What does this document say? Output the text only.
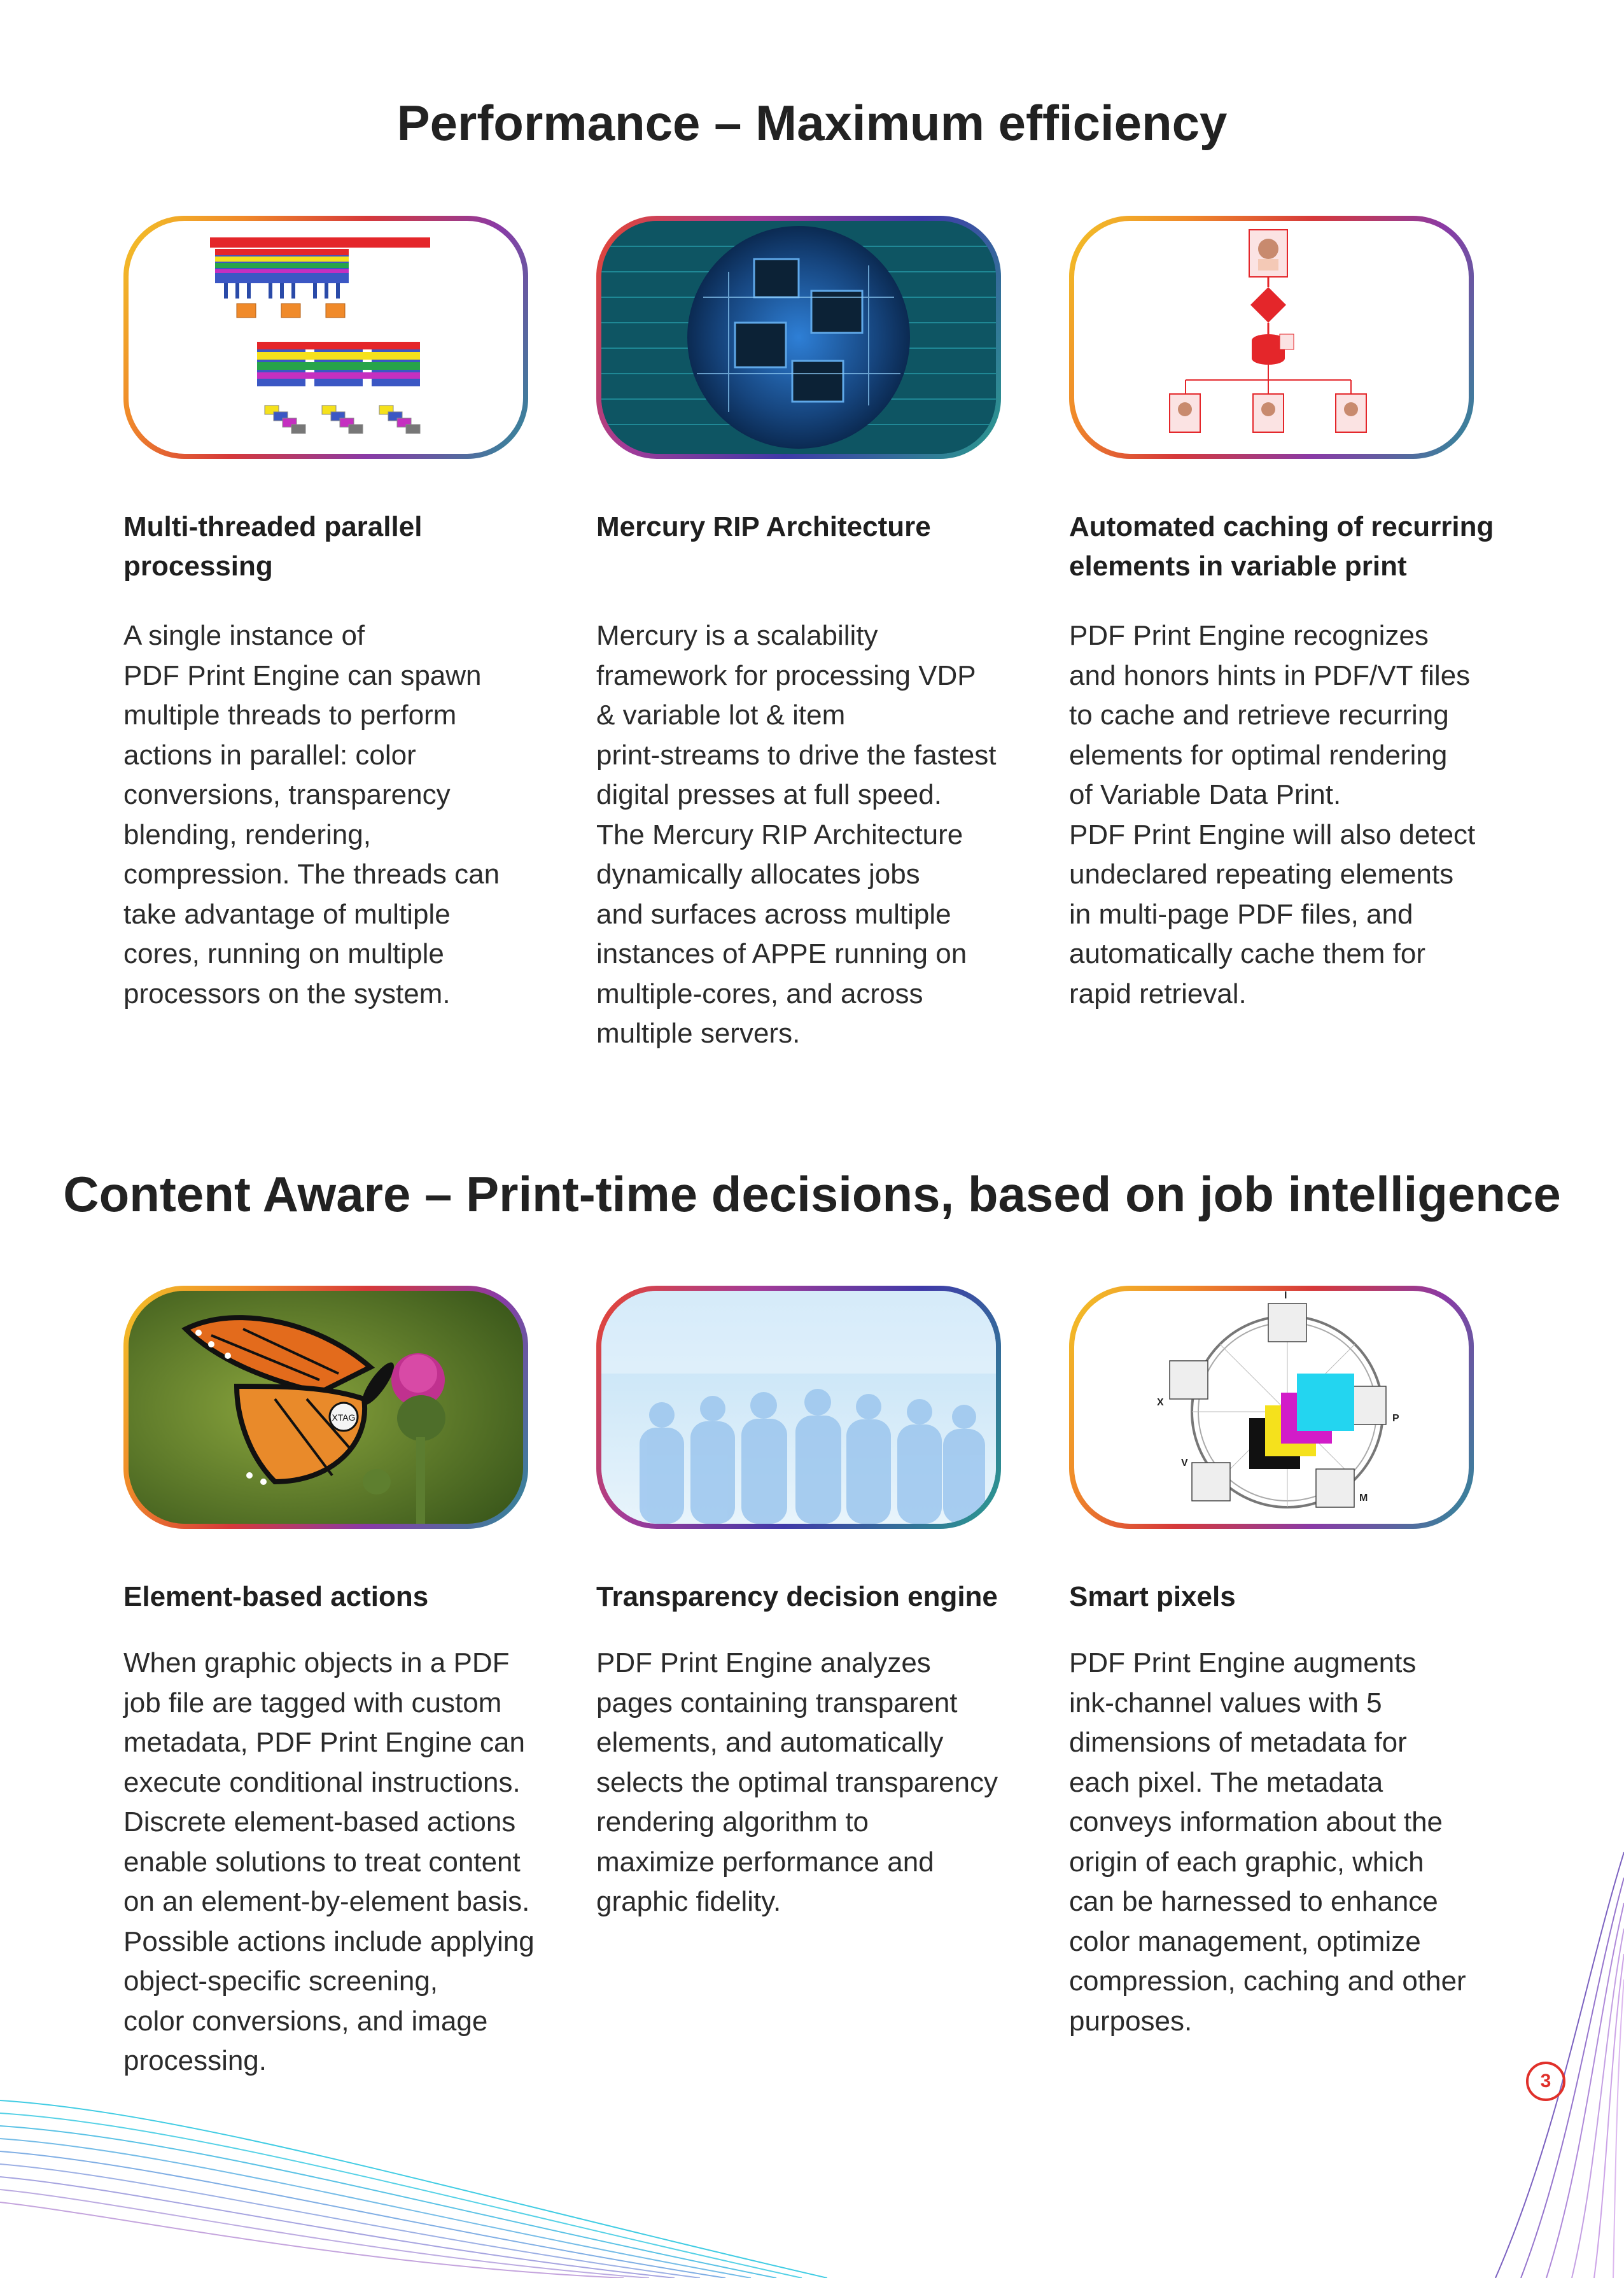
Performance – Maximum efficiency
Multi-threaded parallel
processing
A single instance of
PDF Print Engine can spawn
multiple threads to perform
actions in parallel: color
conversions, transparency
blending, rendering,
compression. The threads can
take advantage of multiple
cores, running on multiple
processors on the system.
Mercury RIP Architecture
Mercury is a scalability
framework for processing VDP
& variable lot & item
print-streams to drive the fastest
digital presses at full speed.
The Mercury RIP Architecture
dynamically allocates jobs
and surfaces across multiple
instances of APPE running on
multiple-cores, and across
multiple servers.
Automated caching of recurring
elements in variable print
PDF Print Engine recognizes
and honors hints in PDF/VT files
to cache and retrieve recurring
elements for optimal rendering
of Variable Data Print.
PDF Print Engine will also detect
undeclared repeating elements
in multi-page PDF files, and
automatically cache them for
rapid retrieval.
Content Aware – Print-time decisions, based on job intelligence
XTAG
I
P
M
V
X
Element-based actions
When graphic objects in a PDF
job file are tagged with custom
metadata, PDF Print Engine can
execute conditional instructions.
Discrete element-based actions
enable solutions to treat content
on an element-by-element basis.
Possible actions include applying
object-specific screening,
color conversions, and image
processing.
Transparency decision engine
PDF Print Engine analyzes
pages containing transparent
elements, and automatically
selects the optimal transparency
rendering algorithm to
maximize performance and
graphic fidelity.
Smart pixels
PDF Print Engine augments
ink-channel values with 5
dimensions of metadata for
each pixel. The metadata
conveys information about the
origin of each graphic, which
can be harnessed to enhance
color management, optimize
compression, caching and other
purposes.
3
